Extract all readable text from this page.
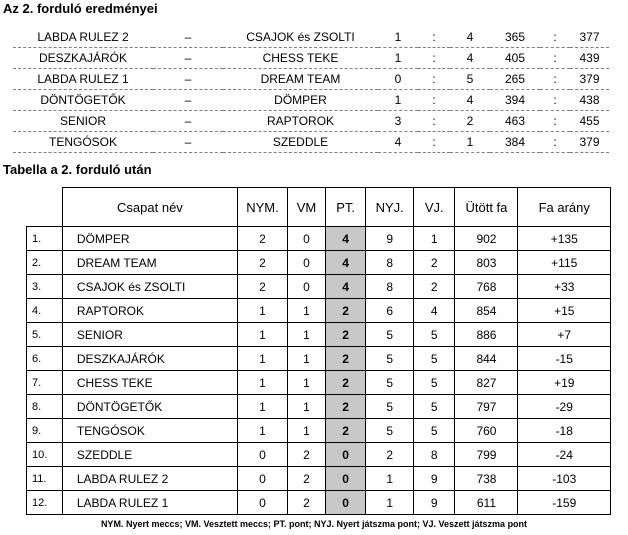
Az 2. forduló eredményei
LABDA RULEZ 2	–	CSAJOK és ZSOLTI	1	:	4	365	:	377
DESZKAJÁRÓK	–	CHESS TEKE	1	:	4	405	:	439
LABDA RULEZ 1	–	DREAM TEAM	0	:	5	265	:	379
DÖNTÖGETŐK	–	DÖMPER	1	:	4	394	:	438
SENIOR	–	RAPTOROK	3	:	2	463	:	455
TENGÓSOK	–	SZEDDLE	4	:	1	384	:	379
Tabella a 2. forduló után
	Csapat név	NYM.	VM	PT.	NYJ.	VJ.	Ütött fa	Fa arány
1.	DÖMPER	2	0	4	9	1	902	+135
2.	DREAM TEAM	2	0	4	8	2	803	+115
3.	CSAJOK és ZSOLTI	2	0	4	8	2	768	+33
4.	RAPTOROK	1	1	2	6	4	854	+15
5.	SENIOR	1	1	2	5	5	886	+7
6.	DESZKAJÁRÓK	1	1	2	5	5	844	-15
7.	CHESS TEKE	1	1	2	5	5	827	+19
8.	DÖNTÖGETŐK	1	1	2	5	5	797	-29
9.	TENGÓSOK	1	1	2	5	5	760	-18
10.	SZEDDLE	0	2	0	2	8	799	-24
11.	LABDA RULEZ 2	0	2	0	1	9	738	-103
12.	LABDA RULEZ 1	0	2	0	1	9	611	-159
NYM. Nyert meccs; VM. Vesztett meccs; PT. pont; NYJ. Nyert játszma pont; VJ. Veszett játszma pont
